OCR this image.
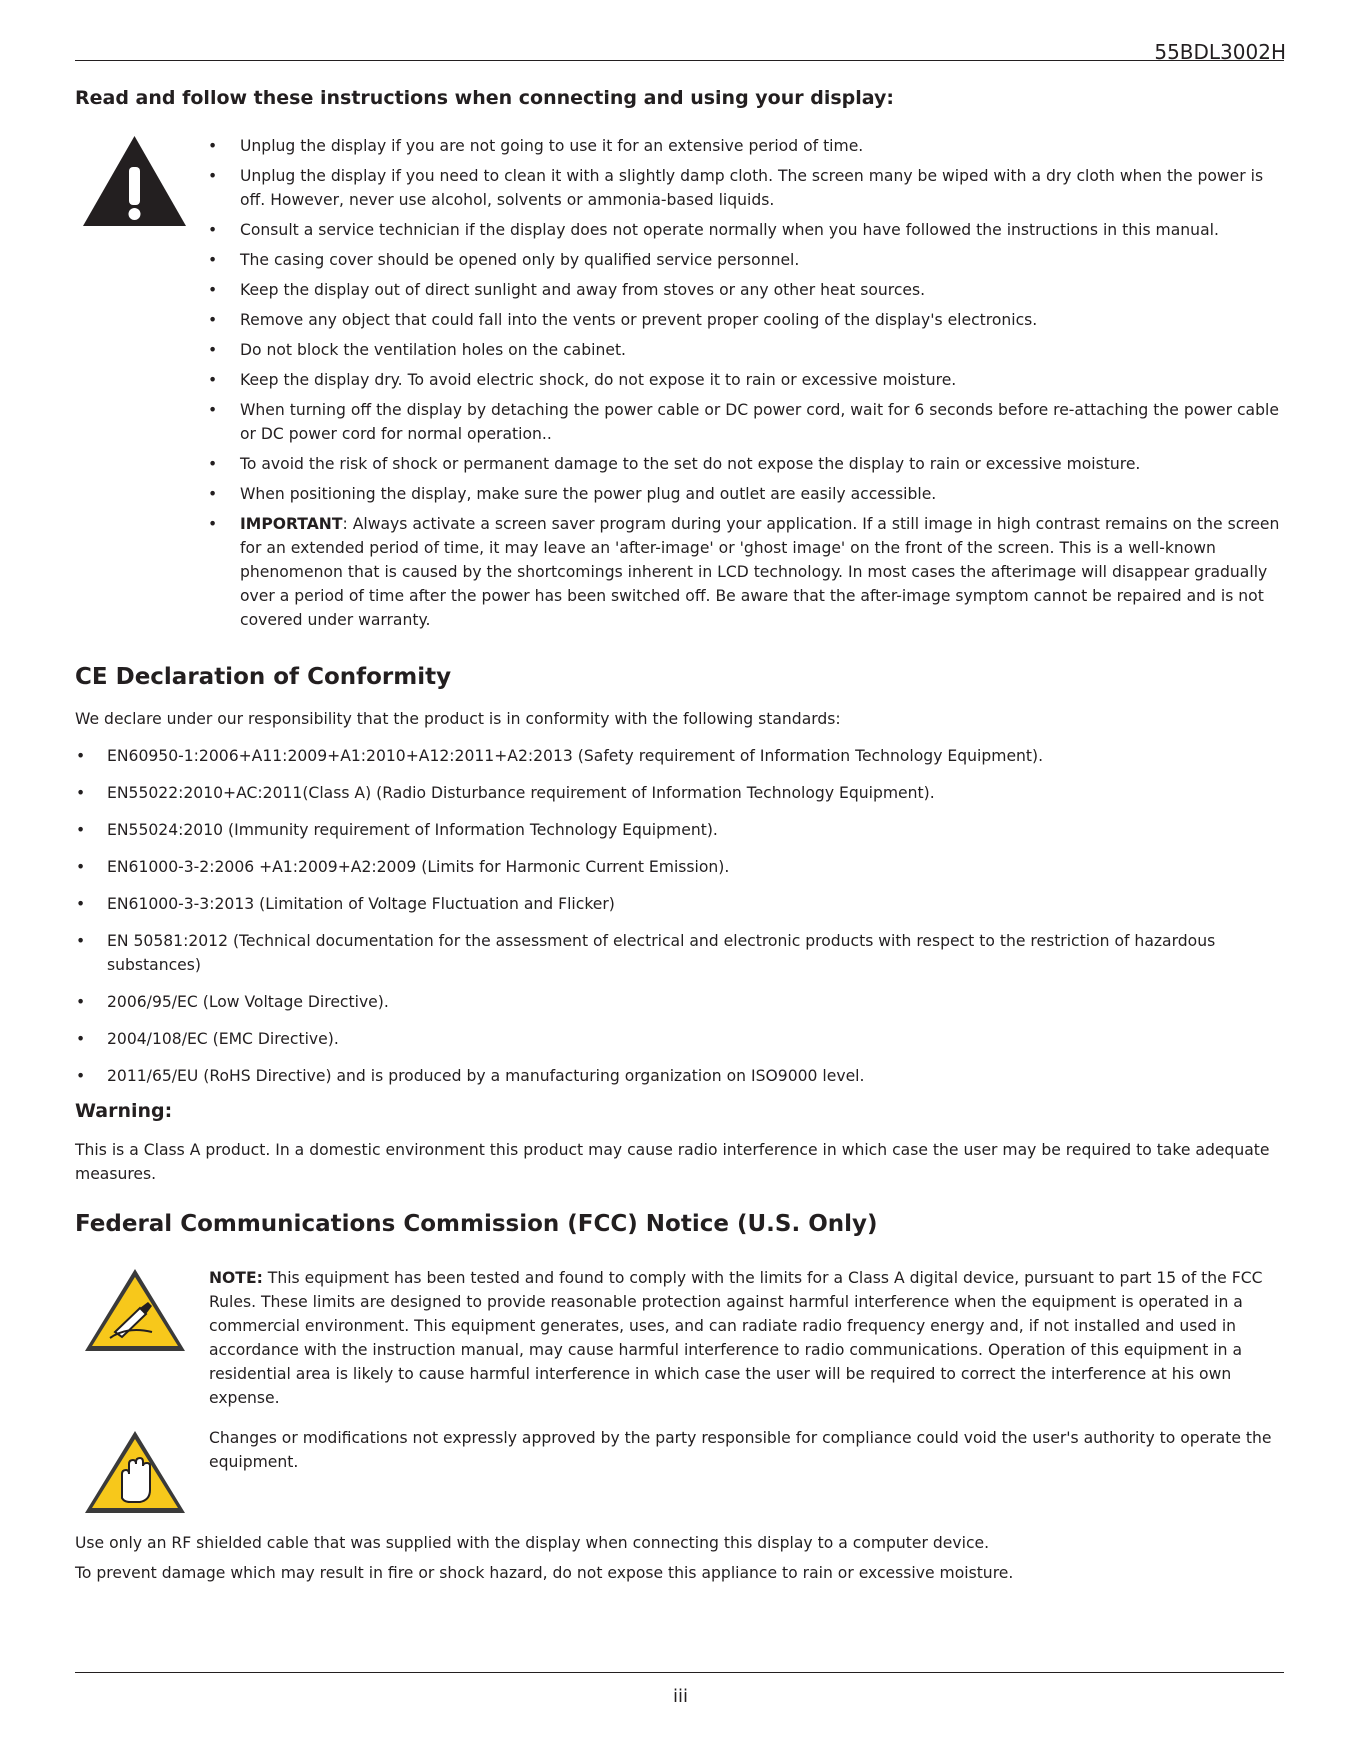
55BDL3002H
Read and follow these instructions when connecting and using your display:
• Unplug the display if you are not going to use it for an extensive period of time.
• Unplug the display if you need to clean it with a slightly damp cloth. The screen many be wiped with a dry cloth when the power is off. However, never use alcohol, solvents or ammonia-based liquids.
• Consult a service technician if the display does not operate normally when you have followed the instructions in this manual.
• The casing cover should be opened only by qualified service personnel.
• Keep the display out of direct sunlight and away from stoves or any other heat sources.
• Remove any object that could fall into the vents or prevent proper cooling of the display's electronics.
• Do not block the ventilation holes on the cabinet.
• Keep the display dry. To avoid electric shock, do not expose it to rain or excessive moisture.
• When turning off the display by detaching the power cable or DC power cord, wait for 6 seconds before re-attaching the power cable or DC power cord for normal operation..
• To avoid the risk of shock or permanent damage to the set do not expose the display to rain or excessive moisture.
• When positioning the display, make sure the power plug and outlet are easily accessible.
• IMPORTANT: Always activate a screen saver program during your application. If a still image in high contrast remains on the screen for an extended period of time, it may leave an 'after-image' or 'ghost image' on the front of the screen. This is a well-known phenomenon that is caused by the shortcomings inherent in LCD technology. In most cases the afterimage will disappear gradually over a period of time after the power has been switched off. Be aware that the after-image symptom cannot be repaired and is not covered under warranty.
CE Declaration of Conformity

We declare under our responsibility that the product is in conformity with the following standards:

• EN60950-1:2006+A11:2009+A1:2010+A12:2011+A2:2013 (Safety requirement of Information Technology Equipment).
• EN55022:2010+AC:2011(Class A) (Radio Disturbance requirement of Information Technology Equipment).
• EN55024:2010 (Immunity requirement of Information Technology Equipment).
• EN61000-3-2:2006 +A1:2009+A2:2009 (Limits for Harmonic Current Emission).
• EN61000-3-3:2013 (Limitation of Voltage Fluctuation and Flicker)
• EN 50581:2012 (Technical documentation for the assessment of electrical and electronic products with respect to the restriction of hazardous substances)
• 2006/95/EC (Low Voltage Directive).
• 2004/108/EC (EMC Directive).
• 2011/65/EU (RoHS Directive) and is produced by a manufacturing organization on ISO9000 level.
Warning:

This is a Class A product. In a domestic environment this product may cause radio interference in which case the user may be required to take adequate measures.

Federal Communications Commission (FCC) Notice (U.S. Only)

NOTE: This equipment has been tested and found to comply with the limits for a Class A digital device, pursuant to part 15 of the FCC Rules. These limits are designed to provide reasonable protection against harmful interference when the equipment is operated in a commercial environment. This equipment generates, uses, and can radiate radio frequency energy and, if not installed and used in accordance with the instruction manual, may cause harmful interference to radio communications. Operation of this equipment in a residential area is likely to cause harmful interference in which case the user will be required to correct the interference at his own expense.

Changes or modifications not expressly approved by the party responsible for compliance could void the user's authority to operate the equipment.

Use only an RF shielded cable that was supplied with the display when connecting this display to a computer device.

To prevent damage which may result in fire or shock hazard, do not expose this appliance to rain or excessive moisture.

iii
